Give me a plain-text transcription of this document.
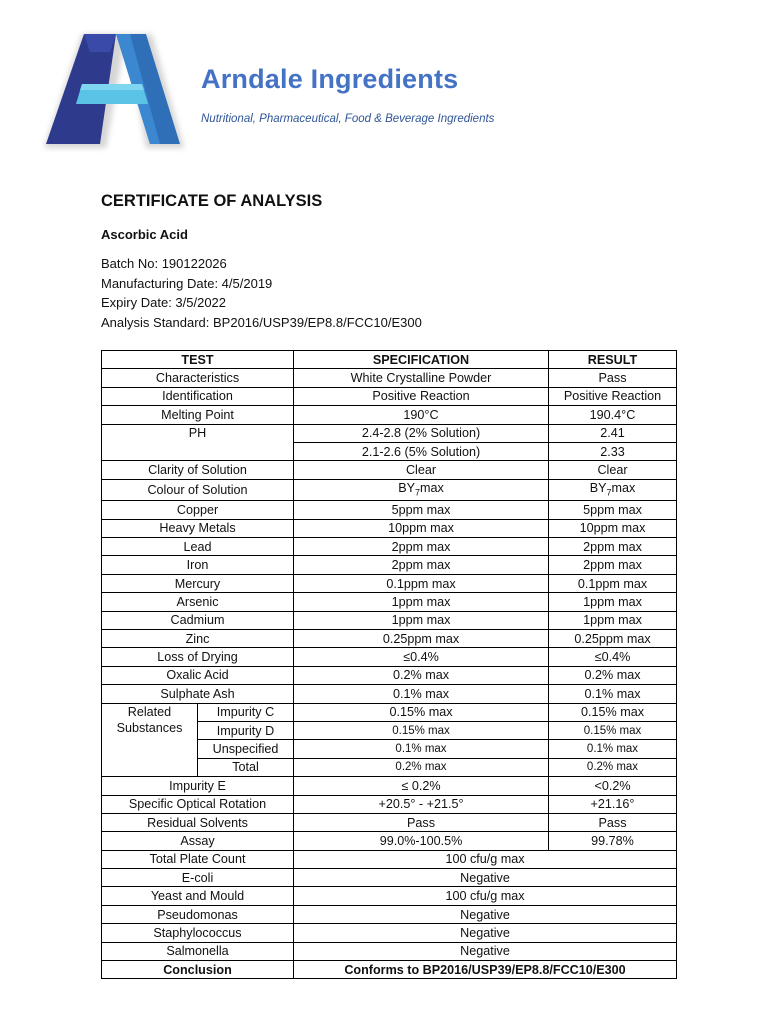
Arndale Ingredients
Nutritional, Pharmaceutical, Food & Beverage Ingredients
CERTIFICATE OF ANALYSIS
Ascorbic Acid
Batch No: 190122026
Manufacturing Date: 4/5/2019
Expiry Date: 3/5/2022
Analysis Standard: BP2016/USP39/EP8.8/FCC10/E300
TEST		SPECIFICATION	RESULT
Characteristics		White Crystalline Powder	Pass
Identification		Positive Reaction	Positive Reaction
Melting Point		190°C	190.4°C
PH		2.4-2.8 (2% Solution)	2.41
		2.1-2.6 (5% Solution)	2.33
Clarity of Solution		Clear	Clear
Colour of Solution		$BY_7\max$	$BY_7\max$
Copper		5ppm max	5ppm max
Heavy Metals		10ppm max	10ppm max
Lead		2ppm max	2ppm max
Iron		2ppm max	2ppm max
Mercury		0.1ppm max	0.1ppm max
Arsenic		1ppm max	1ppm max
Cadmium		1ppm max	1ppm max
Zinc		0.25ppm max	0.25ppm max
Loss of Drying		≤0.4%	≤0.4%
Oxalic Acid		0.2% max	0.2% max
Sulphate Ash		0.1% max	0.1% max

Related
Substances	Impurity C	0.15% max	0.15% max
	Impurity D	0.15% max	0.15% max
	Unspecified	0.1% max	0.1% max
	Total	0.2% max	0.2% max
Impurity E		≤ 0.2%	<0.2%
Specific Optical Rotation		+20.5° - +21.5°	+21.16°
Residual Solvents		Pass	Pass
Assay		99.0%-100.5%	99.78%
Total Plate Count		100 cfu/g max	
E-coli		Negative	
Yeast and Mould		100 cfu/g max	
Pseudomonas		Negative	
Staphylococcus		Negative	
Salmonella		Negative	
Conclusion		Conforms to BP2016/USP39/EP8.8/FCC10/E300	
